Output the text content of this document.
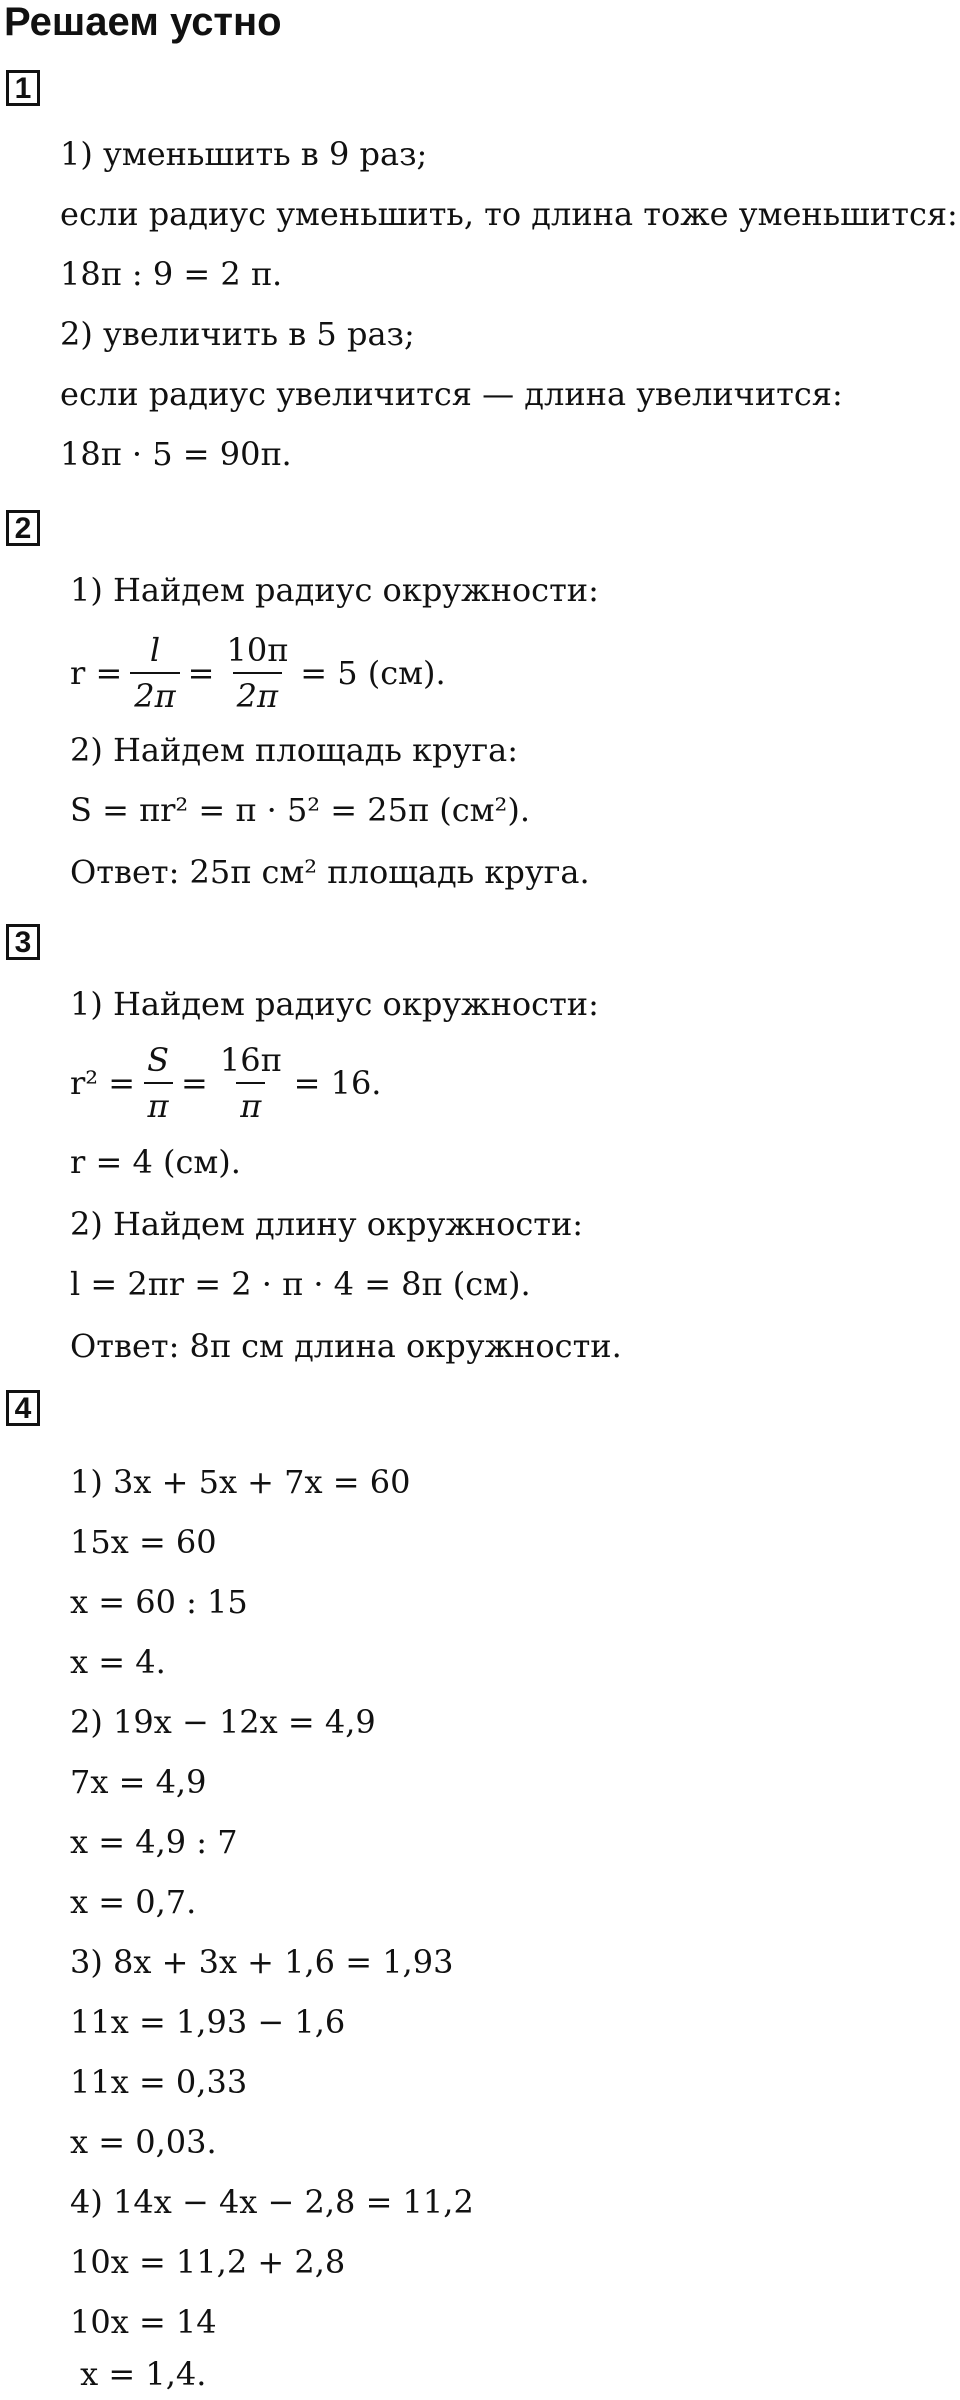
Решаем устно
1
1) уменьшить в 9 раз;
если радиус уменьшить, то длина тоже уменьшится:
18π : 9 = 2 π.
2) увеличить в 5 раз;
если радиус увеличится — длина увеличится:
18π · 5 = 90π.
2
1) Найдем радиус окружности:
$r = \frac{l}{2\pi} = \frac{10\pi}{2\pi} = 5$ (см).
2) Найдем площадь круга:
S = πr² = π · 5² = 25π (см²).
Ответ: 25π см² площадь круга.
3
1) Найдем радиус окружности:
$r^2 = \frac{S}{\pi} = \frac{16\pi}{\pi} = 16$.
r = 4 (см).
2) Найдем длину окружности:
l = 2πr = 2 · π · 4 = 8π (см).
Ответ: 8π см длина окружности.
4
1) 3x + 5x + 7x = 60
15x = 60
x = 60 : 15
x = 4.
2) 19x − 12x = 4,9
7x = 4,9
x = 4,9 : 7
x = 0,7.
3) 8x + 3x + 1,6 = 1,93
11x = 1,93 − 1,6
11x = 0,33
x = 0,03.
4) 14x − 4x − 2,8 = 11,2
10x = 11,2 + 2,8
10x = 14
x = 1,4.
